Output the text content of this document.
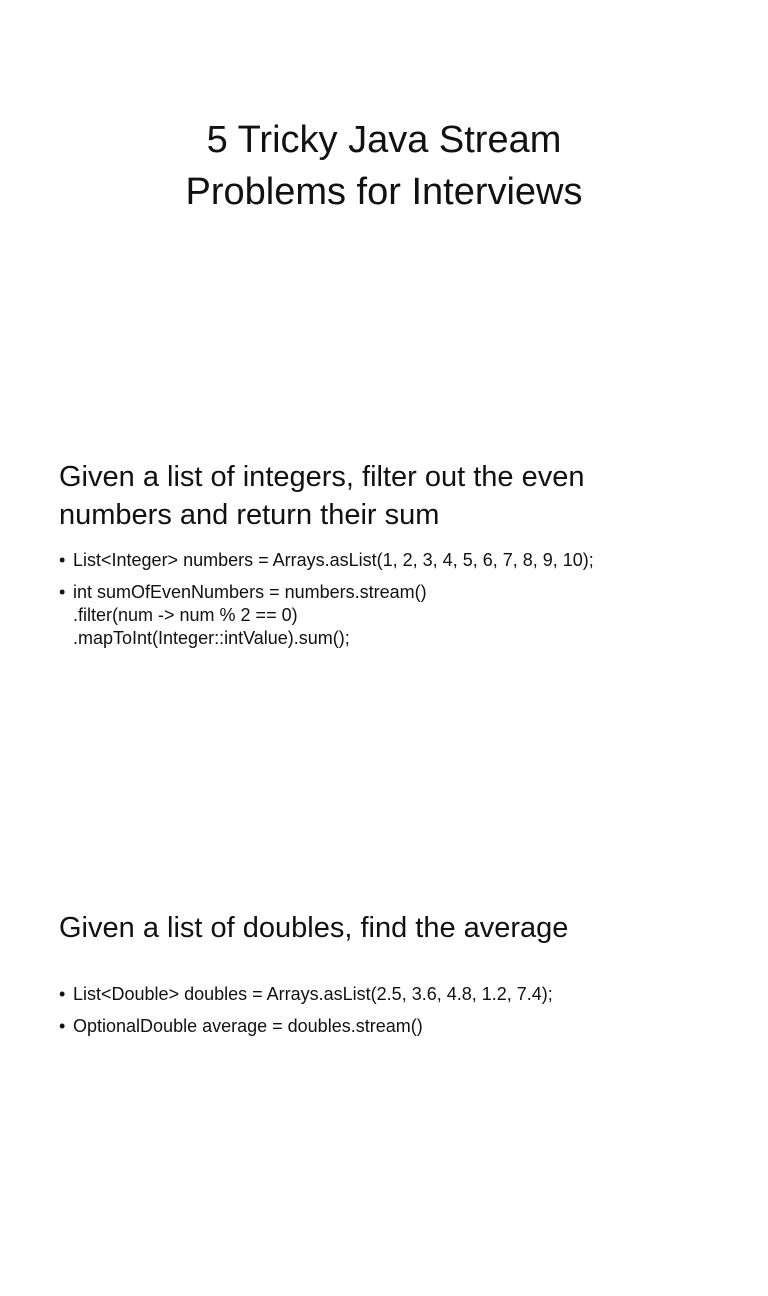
5 Tricky Java Stream
Problems for Interviews
Given a list of integers, filter out the even
numbers and return their sum
• List<Integer> numbers = Arrays.asList(1, 2, 3, 4, 5, 6, 7, 8, 9, 10);
• int sumOfEvenNumbers = numbers.stream()
.filter(num -> num % 2 == 0)
.mapToInt(Integer::intValue).sum();
Given a list of doubles, find the average
• List<Double> doubles = Arrays.asList(2.5, 3.6, 4.8, 1.2, 7.4);
• OptionalDouble average = doubles.stream()
